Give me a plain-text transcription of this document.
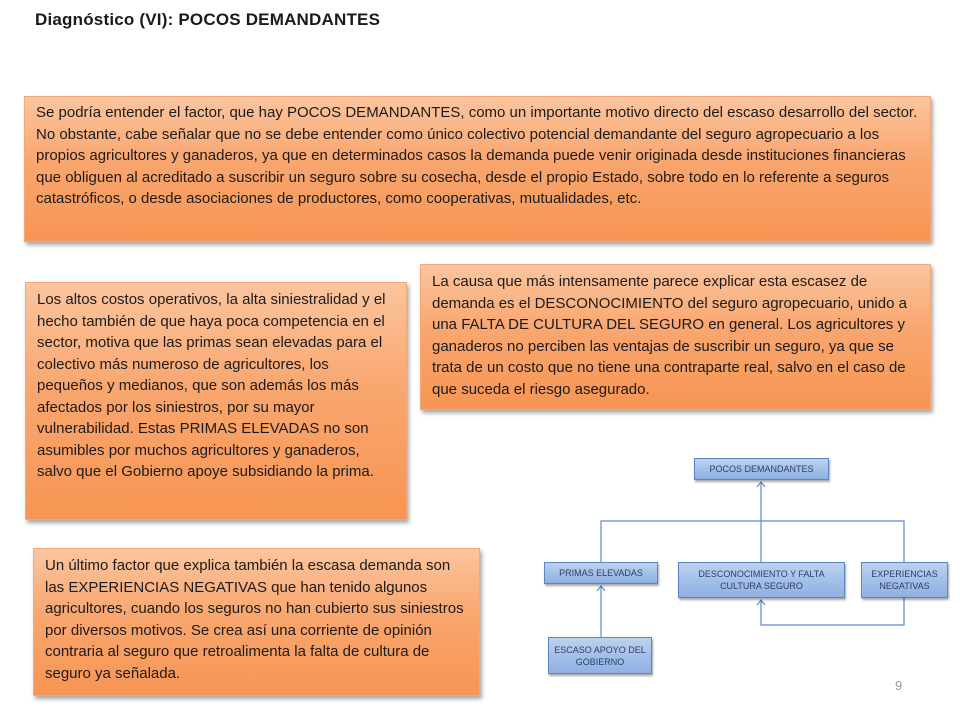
Diagnóstico (VI): POCOS DEMANDANTES
Se podría entender el factor, que hay POCOS DEMANDANTES, como un importante motivo directo del escaso desarrollo del sector. No obstante, cabe señalar que no se debe entender como único colectivo potencial demandante del seguro agropecuario a los propios agricultores y ganaderos, ya que en determinados casos la demanda puede venir originada desde instituciones financieras que obliguen al acreditado a suscribir un seguro sobre su cosecha, desde el propio Estado, sobre todo en lo referente a seguros catastróficos, o desde asociaciones de productores, como cooperativas, mutualidades, etc.
Los altos costos operativos, la alta siniestralidad y el hecho también de que haya poca competencia en el sector, motiva que las primas sean elevadas para el colectivo más numeroso de agricultores, los pequeños y medianos, que son además los más afectados por los siniestros, por su mayor vulnerabilidad. Estas PRIMAS ELEVADAS no son asumibles por muchos agricultores y ganaderos, salvo que el Gobierno apoye subsidiando la prima.
La causa que más intensamente parece explicar esta escasez de demanda es el DESCONOCIMIENTO del seguro agropecuario, unido a una FALTA DE CULTURA DEL SEGURO en general. Los agricultores y ganaderos no perciben las ventajas de suscribir un seguro, ya que se trata de un costo que no tiene una contraparte real, salvo en el caso de que suceda el riesgo asegurado.
Un último factor que explica también la escasa demanda son las EXPERIENCIAS NEGATIVAS que han tenido algunos agricultores, cuando los seguros no han cubierto sus siniestros por diversos motivos. Se crea así una corriente de opinión contraria al seguro que retroalimenta la falta de cultura de seguro ya señalada.
POCOS DEMANDANTES
PRIMAS ELEVADAS	DESCONOCIMIENTO Y FALTA CULTURA SEGURO
EXPERIENCIAS NEGATIVAS
ESCASO APOYO DEL GOBIERNO
9
